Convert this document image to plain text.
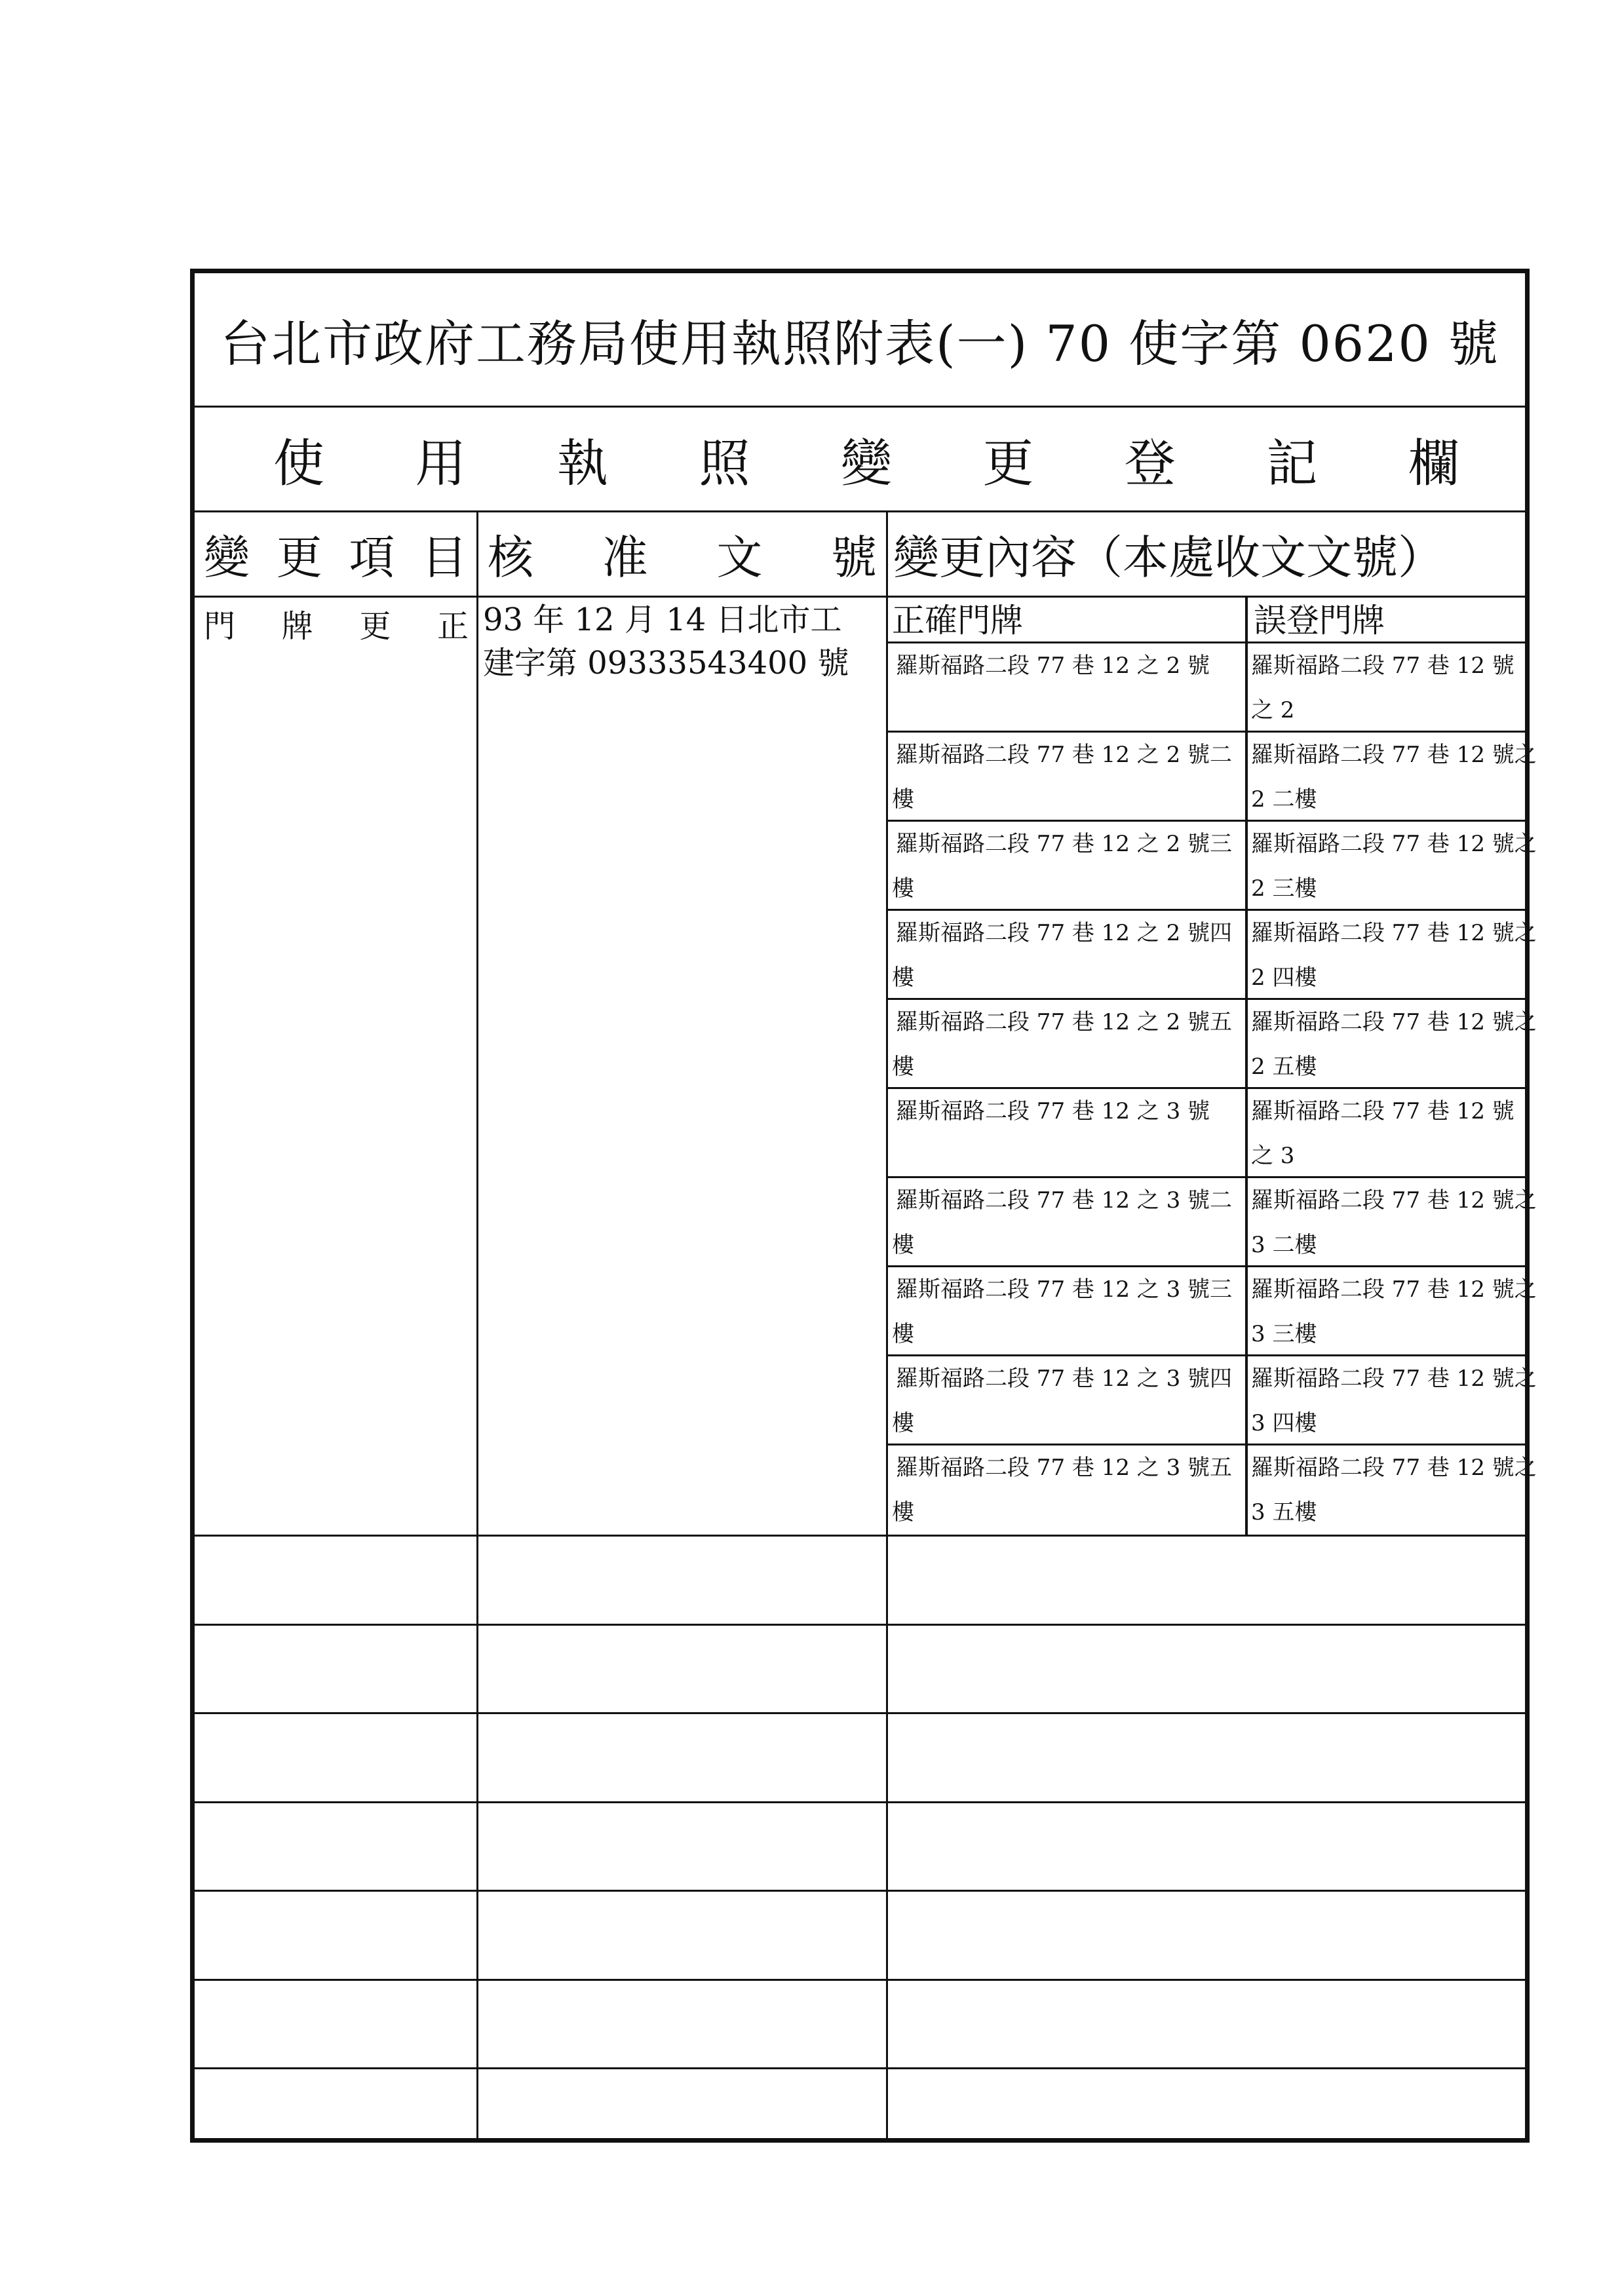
台北市政府工務局使用執照附表(一) 70 使字第 0620 號
使 用 執 照 變 更 登 記 欄
變 更 項 目 核 准 文 號 變更內容（本處收文文號）
門 牌 更 正 93 年 12 月 14 日北市工
建字第 09333543400 號
正確門牌	誤登門牌
羅斯福路二段 77 巷 12 之 2 號 羅斯福路二段 77 巷 12 號
之 2
羅斯福路二段 77 巷 12 之 2 號二
樓
羅斯福路二段 77 巷 12 號之
2 二樓
羅斯福路二段 77 巷 12 之 2 號三
樓
羅斯福路二段 77 巷 12 號之
2 三樓
羅斯福路二段 77 巷 12 之 2 號四
樓
羅斯福路二段 77 巷 12 號之
2 四樓
羅斯福路二段 77 巷 12 之 2 號五
樓
羅斯福路二段 77 巷 12 號之
2 五樓
羅斯福路二段 77 巷 12 之 3 號 羅斯福路二段 77 巷 12 號
之 3
羅斯福路二段 77 巷 12 之 3 號二
樓
羅斯福路二段 77 巷 12 號之
3 二樓
羅斯福路二段 77 巷 12 之 3 號三
樓
羅斯福路二段 77 巷 12 號之
3 三樓
羅斯福路二段 77 巷 12 之 3 號四
樓
羅斯福路二段 77 巷 12 號之
3 四樓
羅斯福路二段 77 巷 12 之 3 號五
樓
羅斯福路二段 77 巷 12 號之
3 五樓
